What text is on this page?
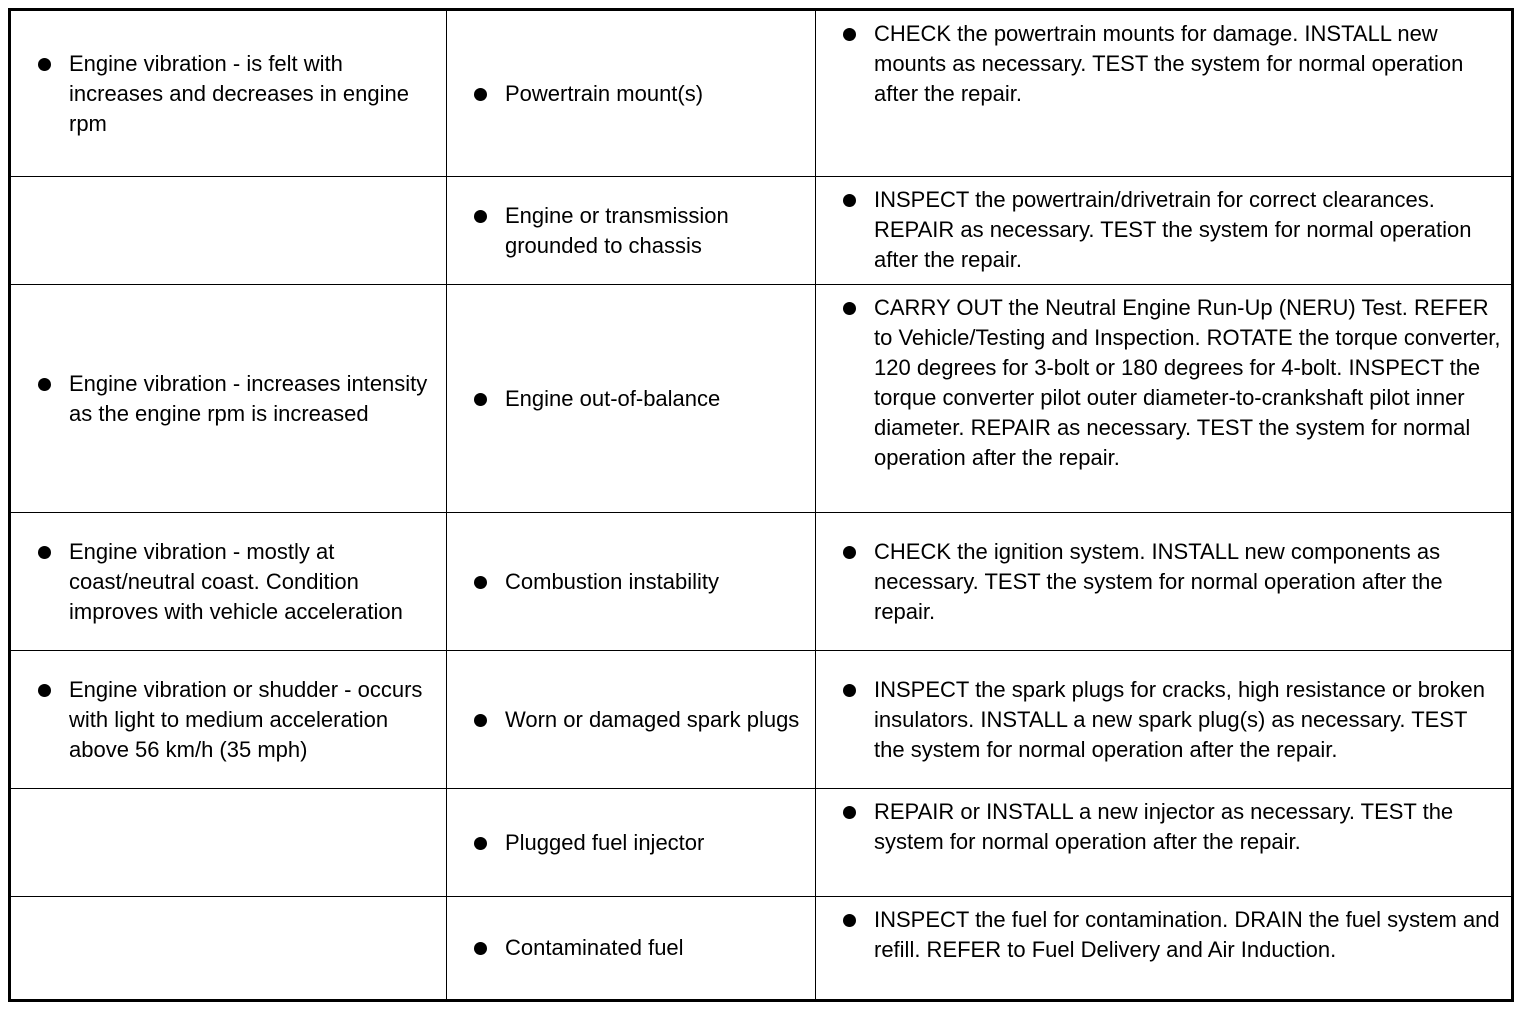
Engine vibration - is felt with increases and decreases in engine rpm	Powertrain mount(s)	CHECK the powertrain mounts for damage. INSTALL new mounts as necessary. TEST the system for normal operation after the repair.

	Engine or transmission grounded to chassis	INSPECT the powertrain/drivetrain for correct clearances. REPAIR as necessary. TEST the system for normal operation after the repair.

Engine vibration - increases intensity as the engine rpm is increased	Engine out-of-balance	CARRY OUT the Neutral Engine Run-Up (NERU) Test. REFER to Vehicle/Testing and Inspection. ROTATE the torque converter, 120 degrees for 3-bolt or 180 degrees for 4-bolt. INSPECT the torque converter pilot outer diameter-to-crankshaft pilot inner diameter. REPAIR as necessary. TEST the system for normal operation after the repair.

Engine vibration - mostly at coast/neutral coast. Condition improves with vehicle acceleration	Combustion instability	CHECK the ignition system. INSTALL new components as necessary. TEST the system for normal operation after the repair.

Engine vibration or shudder - occurs with light to medium acceleration above 56 km/h (35 mph)	Worn or damaged spark plugs	INSPECT the spark plugs for cracks, high resistance or broken insulators. INSTALL a new spark plug(s) as necessary. TEST the system for normal operation after the repair.

	Plugged fuel injector	REPAIR or INSTALL a new injector as necessary. TEST the system for normal operation after the repair.

	Contaminated fuel	INSPECT the fuel for contamination. DRAIN the fuel system and refill. REFER to Fuel Delivery and Air Induction.
